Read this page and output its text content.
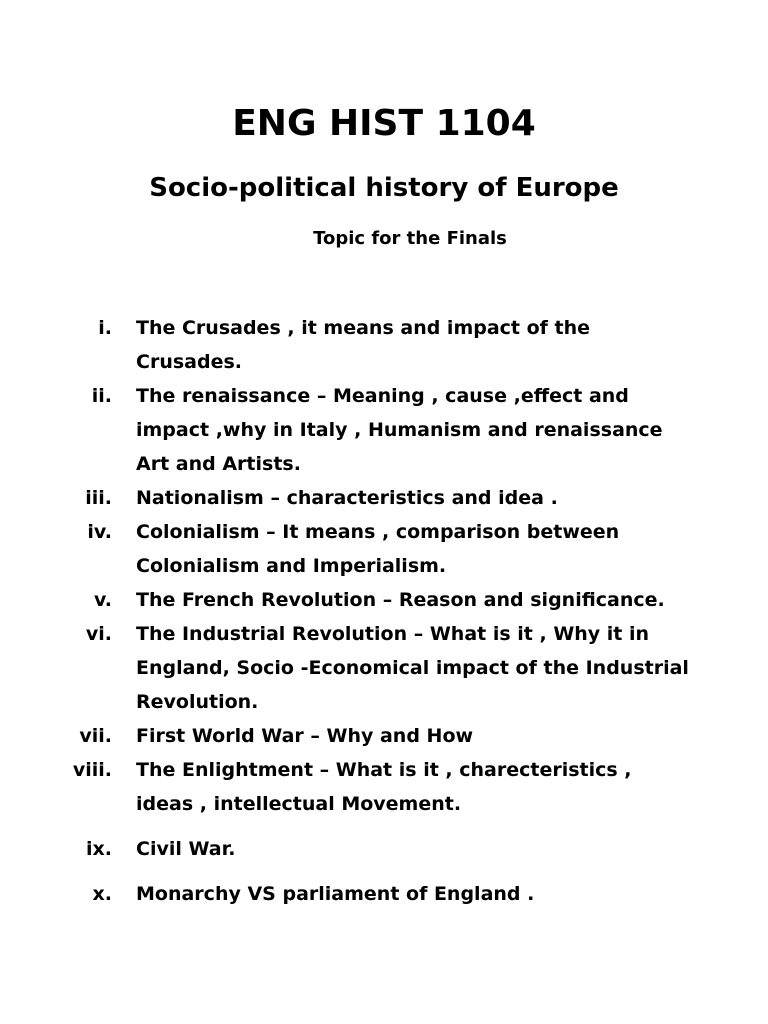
ENG HIST 1104
Socio-political history of Europe
Topic for the Finals
i. The Crusades , it means and impact of the
Crusades.
ii. The renaissance – Meaning , cause ,effect and
impact ,why in Italy , Humanism and renaissance
Art and Artists.
iii. Nationalism – characteristics and idea .
iv. Colonialism – It means , comparison between
Colonialism and Imperialism.
v. The French Revolution – Reason and significance.
vi. The Industrial Revolution – What is it , Why it in
England, Socio -Economical impact of the Industrial
Revolution.
vii. First World War – Why and How
viii. The Enlightment – What is it , charecteristics ,
ideas , intellectual Movement.
ix. Civil War.
x. Monarchy VS parliament of England .
